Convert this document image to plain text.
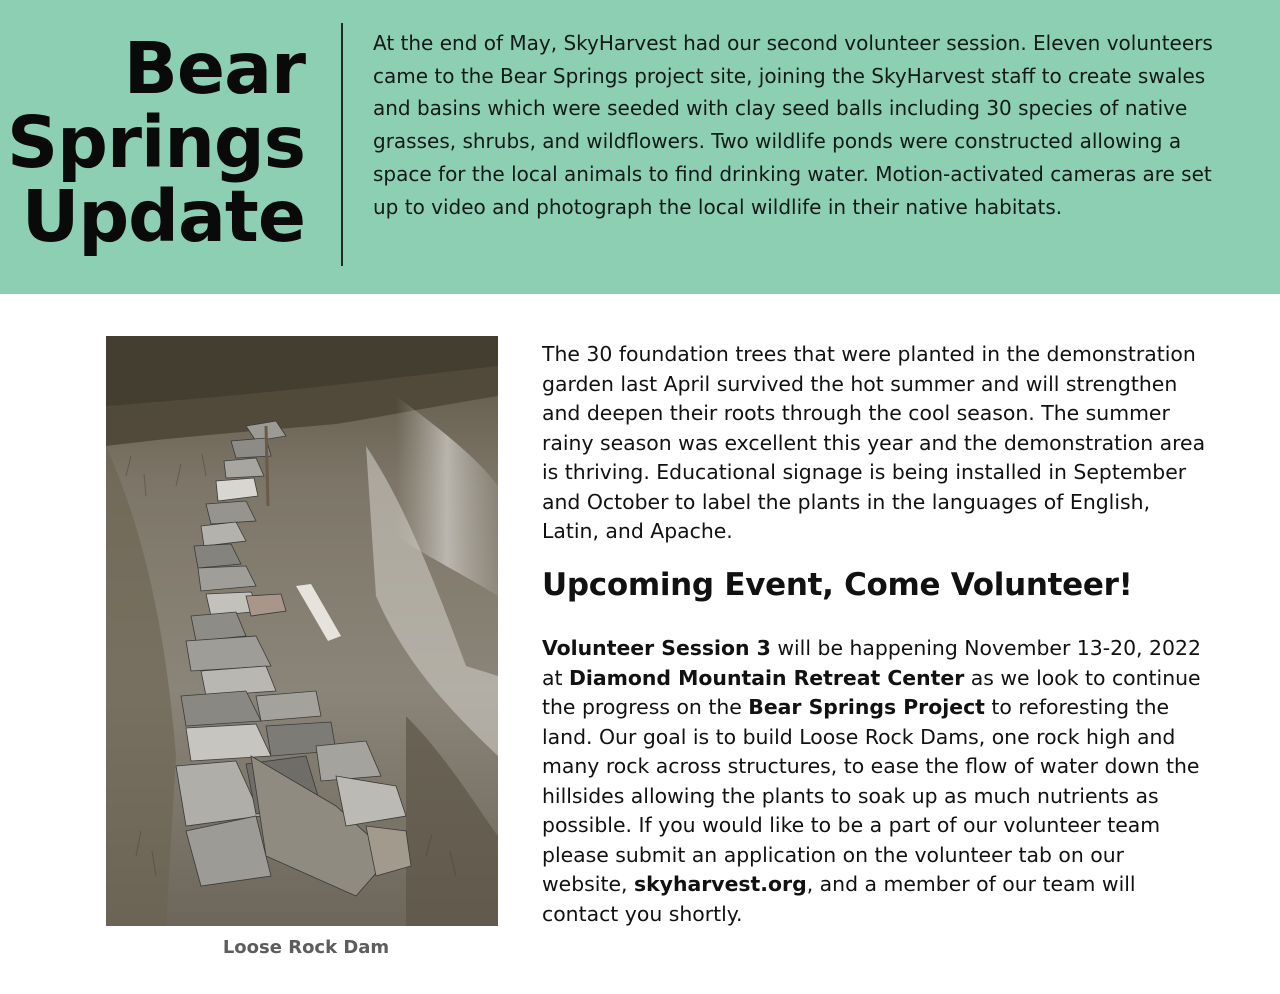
Bear
Springs
Update

At the end of May, SkyHarvest had our second volunteer session. Eleven volunteers came to the Bear Springs project site, joining the SkyHarvest staff to create swales and basins which were seeded with clay seed balls including 30 species of native grasses, shrubs, and wildflowers. Two wildlife ponds were constructed allowing a space for the local animals to find drinking water. Motion-activated cameras are set up to video and photograph the local wildlife in their native habitats.

Loose Rock Dam

The 30 foundation trees that were planted in the demonstration garden last April survived the hot summer and will strengthen and deepen their roots through the cool season. The summer rainy season was excellent this year and the demonstration area is thriving. Educational signage is being installed in September and October to label the plants in the languages of English, Latin, and Apache.

Upcoming Event, Come Volunteer!

Volunteer Session 3 will be happening November 13-20, 2022 at Diamond Mountain Retreat Center as we look to continue the progress on the Bear Springs Project to reforesting the land. Our goal is to build Loose Rock Dams, one rock high and many rock across structures, to ease the flow of water down the hillsides allowing the plants to soak up as much nutrients as possible. If you would like to be a part of our volunteer team please submit an application on the volunteer tab on our website, skyharvest.org, and a member of our team will contact you shortly.
